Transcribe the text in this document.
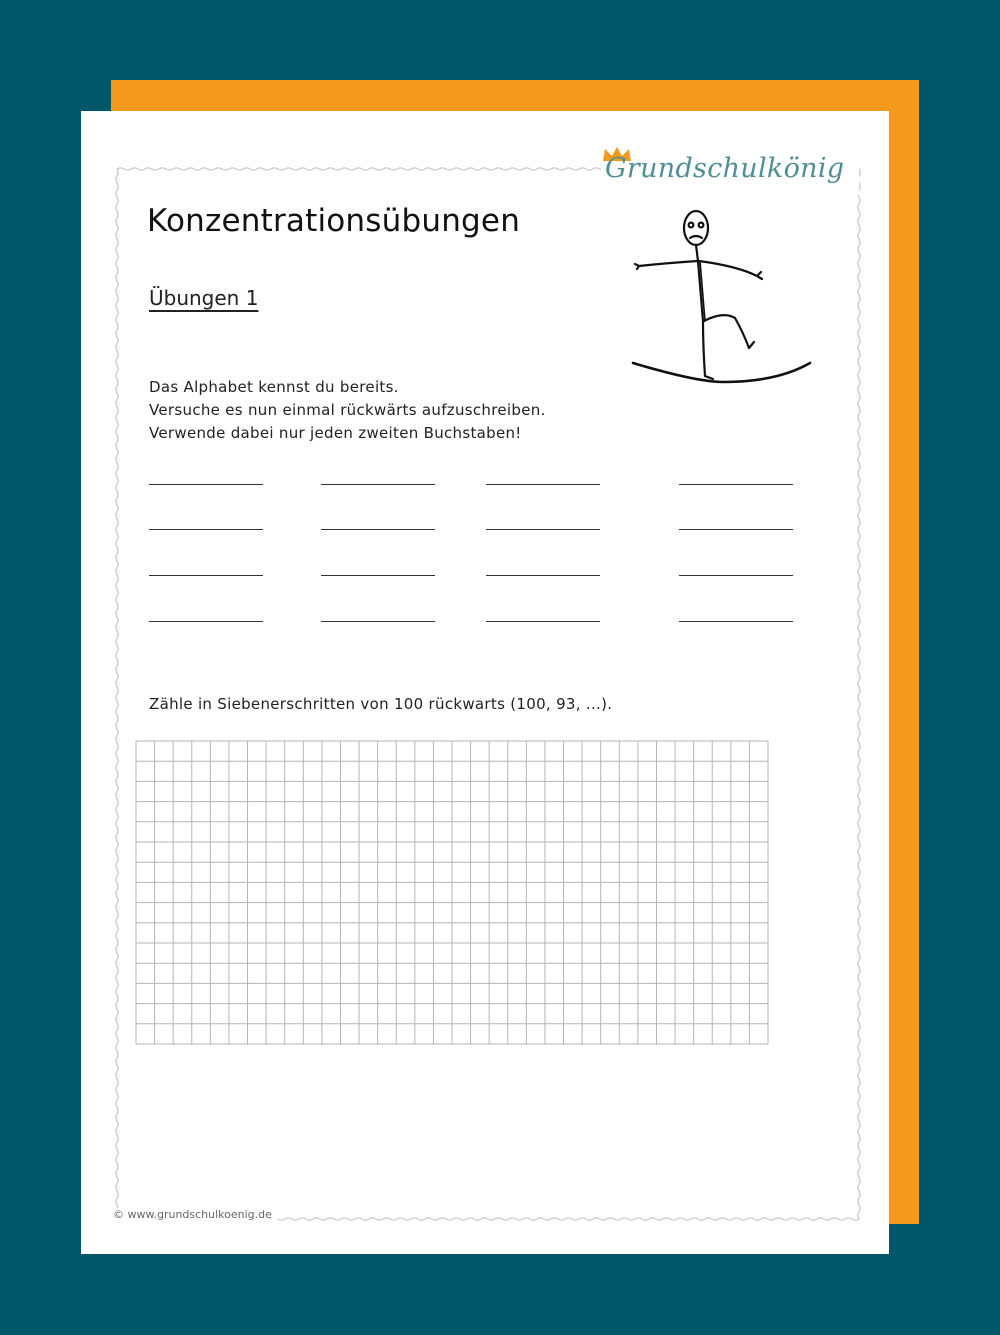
Grundschulkönig
Konzentrationsübungen
Übungen 1
Das Alphabet kennst du bereits.
Versuche es nun einmal rückwärts aufzuschreiben.
Verwende dabei nur jeden zweiten Buchstaben!
Zähle in Siebenerschritten von 100 rückwarts (100, 93, ...).
© www.grundschulkoenig.de
